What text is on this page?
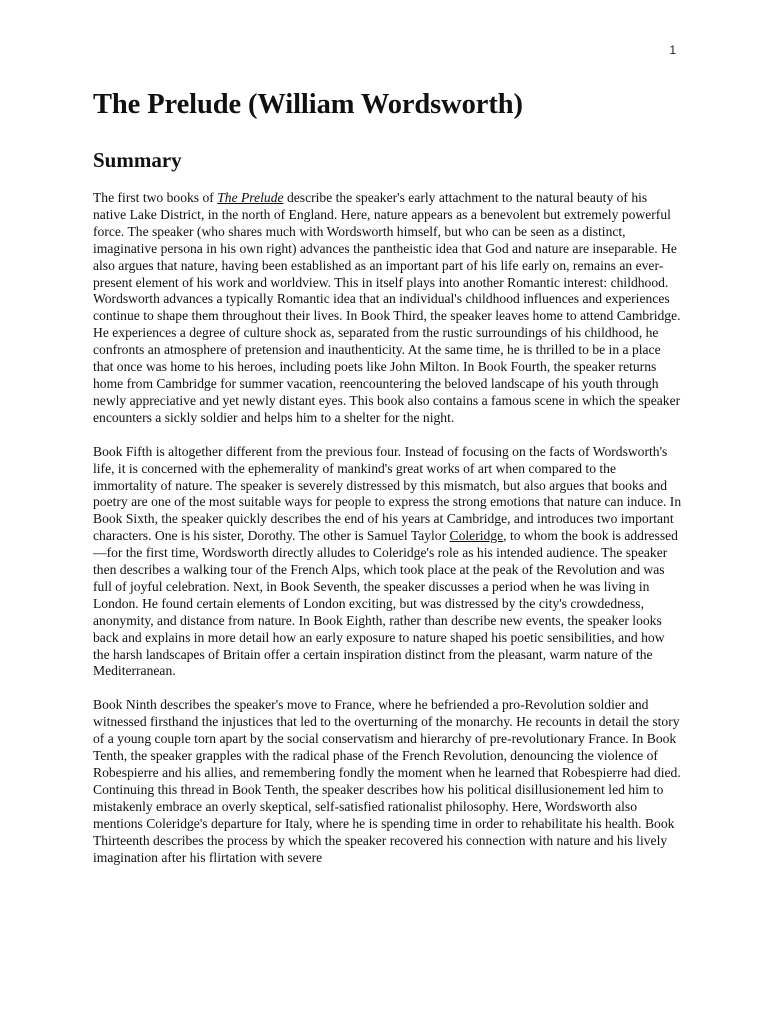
1
The Prelude (William Wordsworth)
Summary

The first two books of The Prelude describe the speaker's early attachment to the natural beauty of his native Lake District, in the north of England. Here, nature appears as a benevolent but extremely powerful force. The speaker (who shares much with Wordsworth himself, but who can be seen as a distinct, imaginative persona in his own right) advances the pantheistic idea that God and nature are inseparable. He also argues that nature, having been established as an important part of his life early on, remains an ever-present element of his work and worldview. This in itself plays into another Romantic interest: childhood. Wordsworth advances a typically Romantic idea that an individual's childhood influences and experiences continue to shape them throughout their lives. In Book Third, the speaker leaves home to attend Cambridge. He experiences a degree of culture shock as, separated from the rustic surroundings of his childhood, he confronts an atmosphere of pretension and inauthenticity. At the same time, he is thrilled to be in a place that once was home to his heroes, including poets like John Milton. In Book Fourth, the speaker returns home from Cambridge for summer vacation, reencountering the beloved landscape of his youth through newly appreciative and yet newly distant eyes. This book also contains a famous scene in which the speaker encounters a sickly soldier and helps him to a shelter for the night.

Book Fifth is altogether different from the previous four. Instead of focusing on the facts of Wordsworth's life, it is concerned with the ephemerality of mankind's great works of art when compared to the immortality of nature. The speaker is severely distressed by this mismatch, but also argues that books and poetry are one of the most suitable ways for people to express the strong emotions that nature can induce. In Book Sixth, the speaker quickly describes the end of his years at Cambridge, and introduces two important characters. One is his sister, Dorothy. The other is Samuel Taylor Coleridge, to whom the book is addressed—for the first time, Wordsworth directly alludes to Coleridge's role as his intended audience. The speaker then describes a walking tour of the French Alps, which took place at the peak of the Revolution and was full of joyful celebration. Next, in Book Seventh, the speaker discusses a period when he was living in London. He found certain elements of London exciting, but was distressed by the city's crowdedness, anonymity, and distance from nature. In Book Eighth, rather than describe new events, the speaker looks back and explains in more detail how an early exposure to nature shaped his poetic sensibilities, and how the harsh landscapes of Britain offer a certain inspiration distinct from the pleasant, warm nature of the Mediterranean.

Book Ninth describes the speaker's move to France, where he befriended a pro-Revolution soldier and witnessed firsthand the injustices that led to the overturning of the monarchy. He recounts in detail the story of a young couple torn apart by the social conservatism and hierarchy of pre-revolutionary France. In Book Tenth, the speaker grapples with the radical phase of the French Revolution, denouncing the violence of Robespierre and his allies, and remembering fondly the moment when he learned that Robespierre had died. Continuing this thread in Book Tenth, the speaker describes how his political disillusionement led him to mistakenly embrace an overly skeptical, self-satisfied rationalist philosophy. Here, Wordsworth also mentions Coleridge's departure for Italy, where he is spending time in order to rehabilitate his health. Book Thirteenth describes the process by which the speaker recovered his connection with nature and his lively imagination after his flirtation with severe
